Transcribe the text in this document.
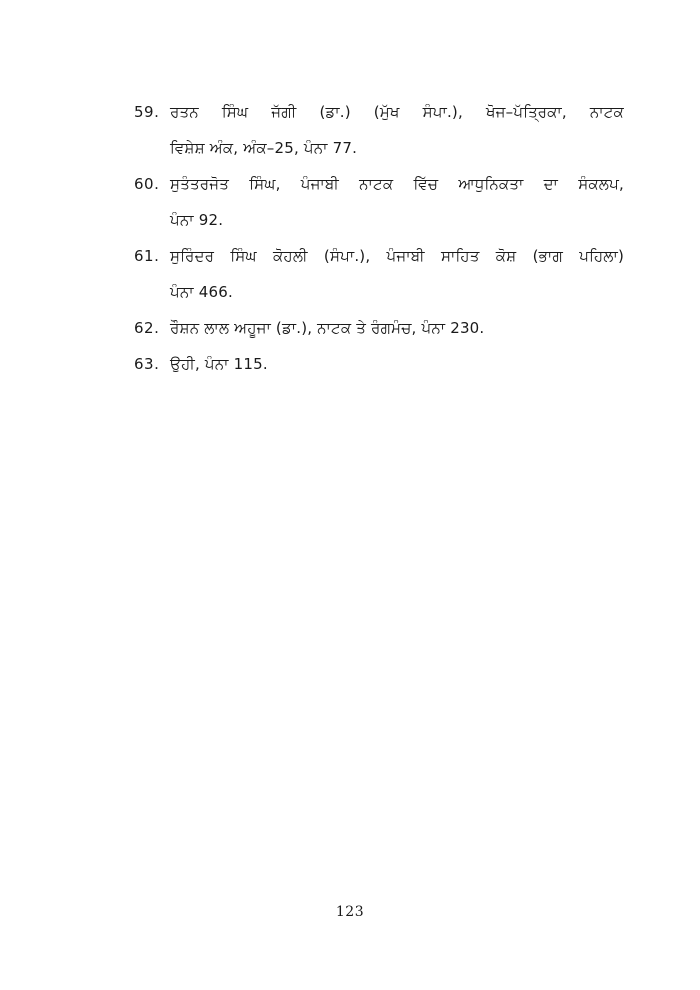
59. ਰਤਨ ਸਿੰਘ ਜੱਗੀ (ਡਾ.) (ਮੁੱਖ ਸੰਪਾ.), ਖੋਜ–ਪੱਤ੍ਰਿਕਾ, ਨਾਟਕ
ਵਿਸ਼ੇਸ਼ ਅੰਕ, ਅੰਕ–25, ਪੰਨਾ 77.
60. ਸੁਤੰਤਰਜੋਤ ਸਿੰਘ, ਪੰਜਾਬੀ ਨਾਟਕ ਵਿੱਚ ਆਧੁਨਿਕਤਾ ਦਾ ਸੰਕਲਪ,
ਪੰਨਾ 92.
61. ਸੁਰਿੰਦਰ ਸਿੰਘ ਕੋਹਲੀ (ਸੰਪਾ.), ਪੰਜਾਬੀ ਸਾਹਿਤ ਕੋਸ਼ (ਭਾਗ ਪਹਿਲਾ)
ਪੰਨਾ 466.
62. ਰੌਸ਼ਨ ਲਾਲ ਅਹੂਜਾ (ਡਾ.), ਨਾਟਕ ਤੇ ਰੰਗਮੰਚ, ਪੰਨਾ 230.
63. ਉਹੀ, ਪੰਨਾ 115.
123
